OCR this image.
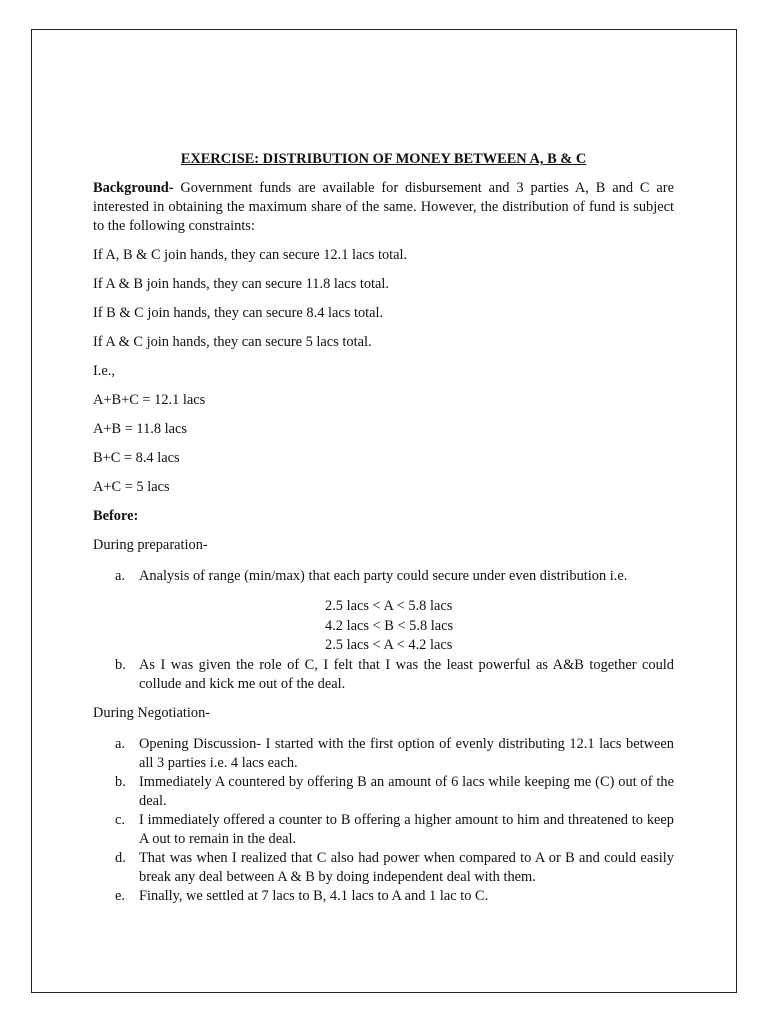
EXERCISE: DISTRIBUTION OF MONEY BETWEEN A, B & C

Background- Government funds are available for disbursement and 3 parties A, B and C are interested in obtaining the maximum share of the same. However, the distribution of fund is subject to the following constraints:

If A, B & C join hands, they can secure 12.1 lacs total.

If A & B join hands, they can secure 11.8 lacs total.

If B & C join hands, they can secure 8.4 lacs total.

If A & C join hands, they can secure 5 lacs total.

I.e.,

A+B+C = 12.1 lacs

A+B = 11.8 lacs

B+C = 8.4 lacs

A+C = 5 lacs

Before:

During preparation-

a. Analysis of range (min/max) that each party could secure under even distribution i.e.
2.5 lacs < A < 5.8 lacs
4.2 lacs < B < 5.8 lacs
2.5 lacs < A < 4.2 lacs
b. As I was given the role of C, I felt that I was the least powerful as A&B together could collude and kick me out of the deal.

During Negotiation-

a. Opening Discussion- I started with the first option of evenly distributing 12.1 lacs between all 3 parties i.e. 4 lacs each.
b. Immediately A countered by offering B an amount of 6 lacs while keeping me (C) out of the deal.
c. I immediately offered a counter to B offering a higher amount to him and threatened to keep A out to remain in the deal.
d. That was when I realized that C also had power when compared to A or B and could easily break any deal between A & B by doing independent deal with them.
e. Finally, we settled at 7 lacs to B, 4.1 lacs to A and 1 lac to C.
